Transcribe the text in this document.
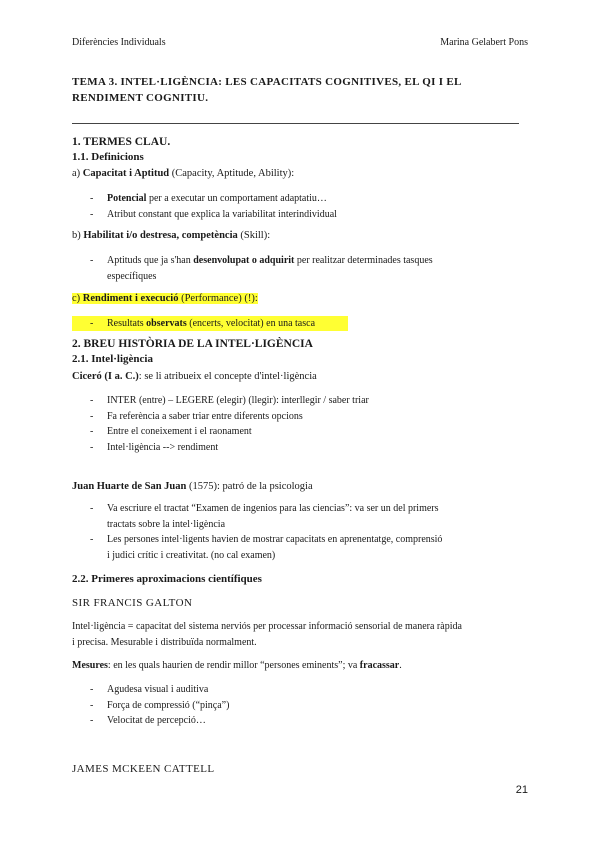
Diferències Individuals	Marina Gelabert Pons
TEMA 3. INTEL·LIGÈNCIA: LES CAPACITATS COGNITIVES, EL QI I EL RENDIMENT COGNITIU.
1. TERMES CLAU.
1.1. Definicions
a) Capacitat i Aptitud (Capacity, Aptitude, Ability):
- Potencial per a executar un comportament adaptatiu…
- Atribut constant que explica la variabilitat interindividual
b) Habilitat i/o destresa, competència (Skill):
- Aptituds que ja s'han desenvolupat o adquirit per realitzar determinades tasques
específiques
c) Rendiment i execució (Performance) (!):
- Resultats observats (encerts, velocitat) en una tasca
2. BREU HISTÒRIA DE LA INTEL·LIGÈNCIA
2.1. Intel·ligència
Ciceró (I a. C.): se li atribueix el concepte d'intel·ligència
- INTER (entre) – LEGERE (elegir) (llegir): interllegir / saber triar
- Fa referència a saber triar entre diferents opcions
- Entre el coneixement i el raonament
- Intel·ligència --> rendiment
Juan Huarte de San Juan (1575): patró de la psicologia
- Va escriure el tractat “Examen de ingenios para las ciencias”: va ser un del primers
tractats sobre la intel·ligència
- Les persones intel·ligents havien de mostrar capacitats en aprenentatge, comprensió
i judici crític i creativitat. (no cal examen)
2.2. Primeres aproximacions científiques
SIR FRANCIS GALTON
Intel·ligència = capacitat del sistema nerviós per processar informació sensorial de manera ràpida
i precisa. Mesurable i distribuïda normalment.
Mesures: en les quals haurien de rendir millor “persones eminents”; va fracassar.
- Agudesa visual i auditiva
- Força de compressió (“pinça”)
- Velocitat de percepció…
JAMES MCKEEN CATTELL
21
